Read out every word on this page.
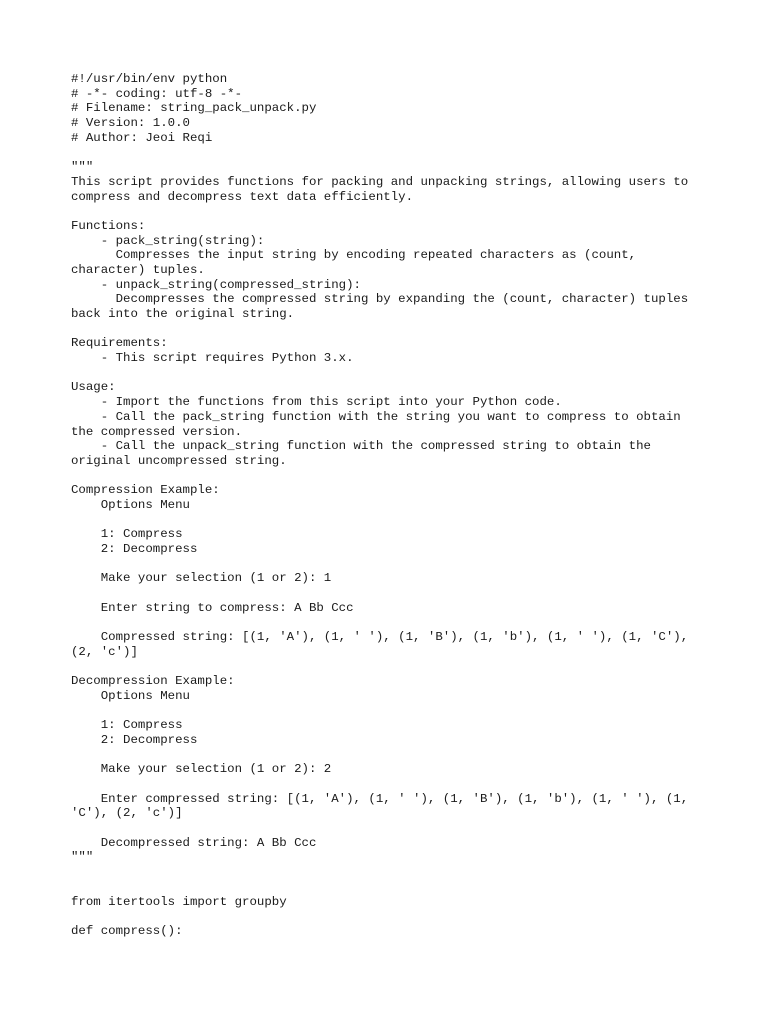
#!/usr/bin/env python
# -*- coding: utf-8 -*-
# Filename: string_pack_unpack.py
# Version: 1.0.0
# Author: Jeoi Reqi
"""
This script provides functions for packing and unpacking strings, allowing users to
compress and decompress text data efficiently.
Functions:
- pack_string(string):
Compresses the input string by encoding repeated characters as (count,
character) tuples.
- unpack_string(compressed_string):
Decompresses the compressed string by expanding the (count, character) tuples
back into the original string.
Requirements:
- This script requires Python 3.x.
Usage:
- Import the functions from this script into your Python code.
- Call the pack_string function with the string you want to compress to obtain
the compressed version.
- Call the unpack_string function with the compressed string to obtain the
original uncompressed string.
Compression Example:
Options Menu
1: Compress
2: Decompress
Make your selection (1 or 2): 1
Enter string to compress: A Bb Ccc
Compressed string: [(1, 'A'), (1, ' '), (1, 'B'), (1, 'b'), (1, ' '), (1, 'C'),
(2, 'c')]
Decompression Example:
Options Menu
1: Compress
2: Decompress
Make your selection (1 or 2): 2
Enter compressed string: [(1, 'A'), (1, ' '), (1, 'B'), (1, 'b'), (1, ' '), (1,
'C'), (2, 'c')]
Decompressed string: A Bb Ccc
"""
from itertools import groupby
def compress():
